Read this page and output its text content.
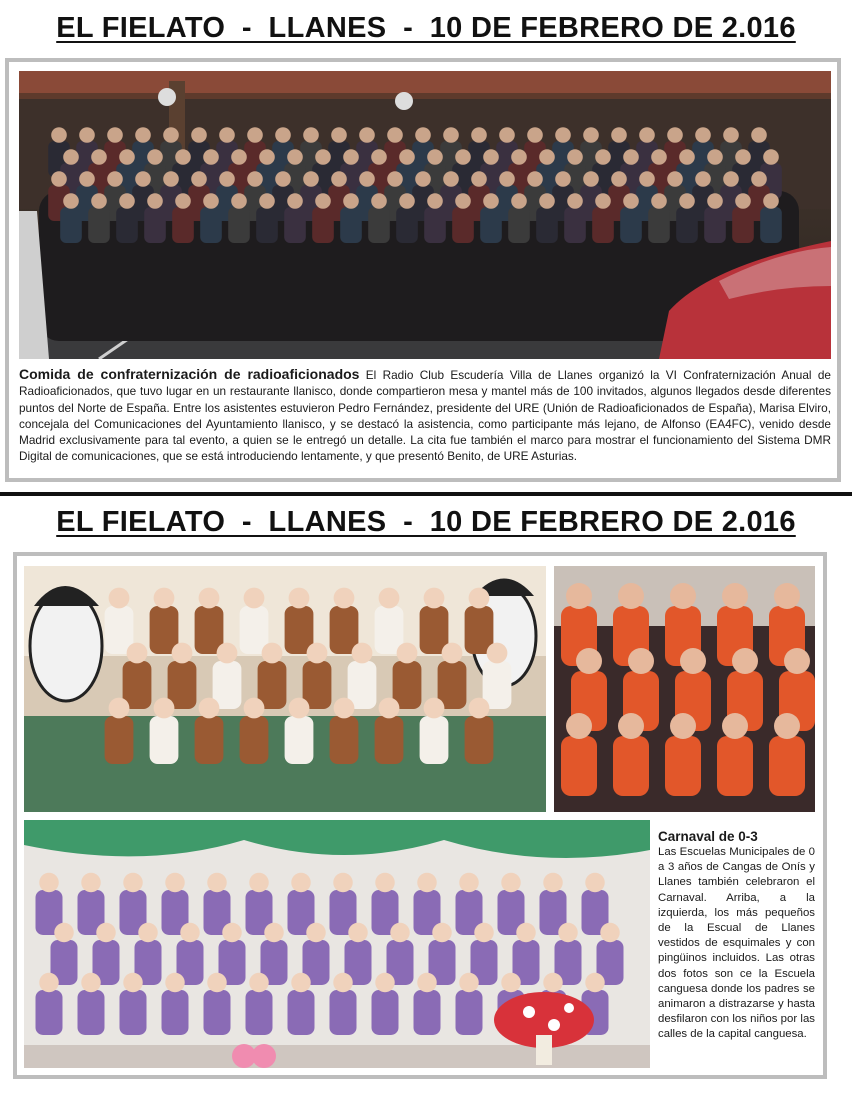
EL FIELATO  -  LLANES  -  10 DE FEBRERO DE 2.016
Comida de confraternización de radioaficionados El Radio Club Escudería Villa de Llanes organizó la VI Confraternización Anual de Radioaficionados, que tuvo lugar en un restaurante llanisco, donde compartieron mesa y mantel más de 100 invitados, algunos llegados desde diferentes puntos del Norte de España. Entre los asistentes estuvieron Pedro Fernández, presidente del URE (Unión de Radioaficionados de España), Marisa Elviro, concejala del Comunicaciones del Ayuntamiento llanisco, y se destacó la asistencia, como participante más lejano, de Alfonso (EA4FC), venido desde Madrid exclusivamente para tal evento, a quien se le entregó un detalle. La cita fue también el marco para mostrar el funcionamiento del Sistema DMR Digital de comunicaciones, que se está introduciendo lentamente, y que presentó Benito, de URE Asturias.
EL FIELATO  -  LLANES  -  10 DE FEBRERO DE 2.016
Carnaval de 0-3
Las Escuelas Municipales de 0 a 3 años de Cangas de Onís y Llanes también celebraron el Carnaval. Arriba, a la izquierda, los más pequeños de la Escual de Llanes vestidos de esquimales y con pingüinos incluidos. Las otras dos fotos son ce la Escuela canguesa donde los padres se animaron a distrazarse y hasta desfilaron con los niños por las calles de la capital canguesa.
